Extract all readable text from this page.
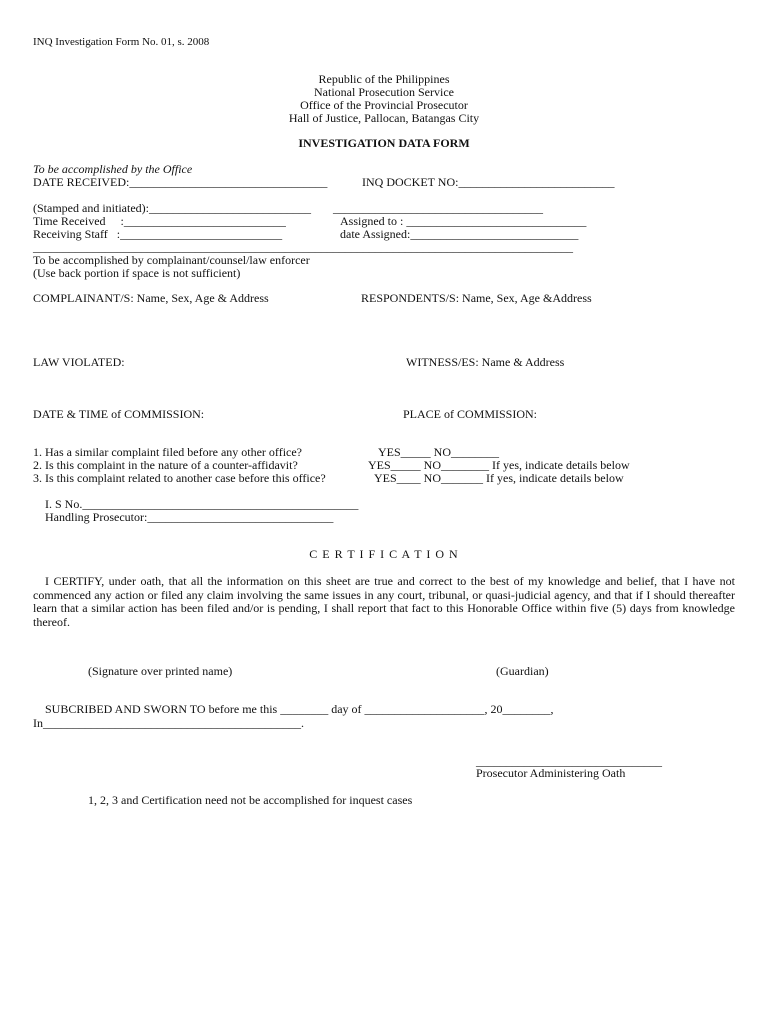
INQ Investigation Form No. 01, s. 2008
Republic of the Philippines
National Prosecution Service
Office of the Provincial Prosecutor
Hall of Justice, Pallocan, Batangas City
INVESTIGATION DATA FORM
To be accomplished by the Office
DATE RECEIVED:_________________________________	INQ DOCKET NO:__________________________
(Stamped and initiated):___________________________ ___________________________________
Time Received     :___________________________	Assigned to : ______________________________
Receiving Staff   :___________________________	date Assigned:____________________________
__________________________________________________________________________________________
To be accomplished by complainant/counsel/law enforcer
(Use back portion if space is not sufficient)
COMPLAINANT/S: Name, Sex, Age & Address	RESPONDENTS/S: Name, Sex, Age &Address
LAW VIOLATED:	WITNESS/ES: Name & Address
DATE & TIME of COMMISSION:	PLACE of COMMISSION:
1. Has a similar complaint filed before any other office?	YES_____ NO________
2. Is this complaint in the nature of a counter-affidavit?	YES_____ NO________ If yes, indicate details below
3. Is this complaint related to another case before this office?	YES____ NO_______ If yes, indicate details below
I. S No.______________________________________________
Handling Prosecutor:_______________________________
C E R T I F I C A T I O N
I CERTIFY, under oath, that all the information on this sheet are true and correct to the best of my knowledge and belief, that I have not commenced any action or filed any claim involving the same issues in any court, tribunal, or quasi-judicial agency, and that if I should thereafter learn that a similar action has been filed and/or is pending, I shall report that fact to this Honorable Office within five (5) days from knowledge thereof.
(Signature over printed name)	(Guardian)
SUBCRIBED AND SWORN TO before me this ________ day of ____________________, 20________,
In___________________________________________.
_______________________________
Prosecutor Administering Oath
1, 2, 3 and Certification need not be accomplished for inquest cases
